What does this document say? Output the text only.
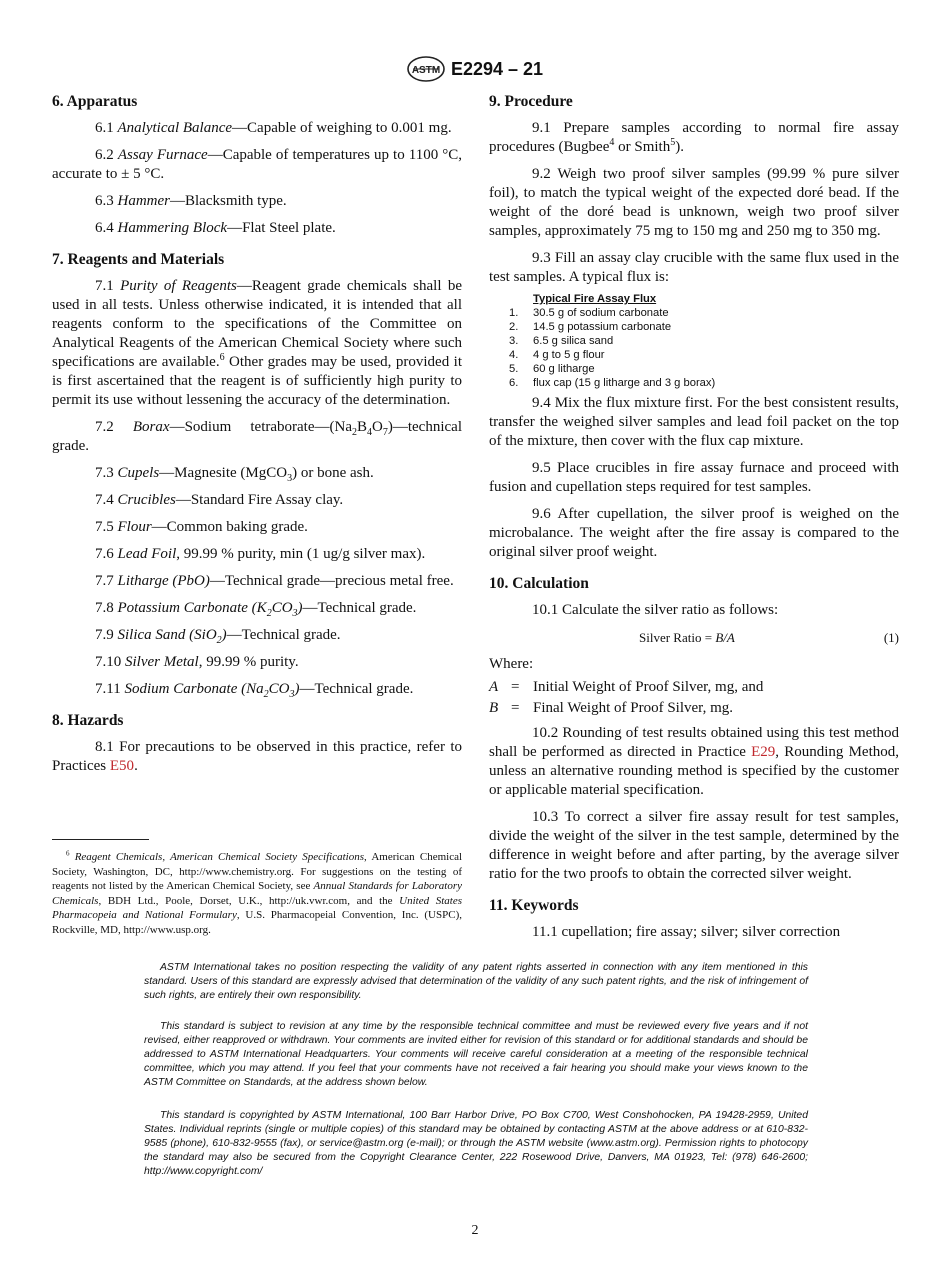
ASTM E2294 – 21
6. Apparatus

6.1 Analytical Balance—Capable of weighing to 0.001 mg.

6.2 Assay Furnace—Capable of temperatures up to 1100 °C, accurate to ± 5 °C.

6.3 Hammer—Blacksmith type.

6.4 Hammering Block—Flat Steel plate.

7. Reagents and Materials

7.1 Purity of Reagents—Reagent grade chemicals shall be used in all tests. Unless otherwise indicated, it is intended that all reagents conform to the specifications of the Committee on Analytical Reagents of the American Chemical Society where such specifications are available.$^6$ Other grades may be used, provided it is first ascertained that the reagent is of sufficiently high purity to permit its use without lessening the accuracy of the determination.

7.2 Borax—Sodium $tetraborate—(Na_2B_4O_7)—technical$ grade.

7.3 Cupels—Magnesite (MgCO$_3$) or bone ash.

7.4 Crucibles—Standard Fire Assay clay.

7.5 Flour—Common baking grade.

7.6 Lead Foil, 99.99 % purity, min (1 ug/g silver max).

7.7 Litharge (PbO)—Technical grade—precious metal free.

7.8 Potassium Carbonate $(K_2CO_3)—Technical$ grade.

7.9 Silica Sand (SiO$_2$)—Technical grade.

7.10 Silver Metal, 99.99 % purity.

7.11 Sodium Carbonate $(Na_2CO_3)—Technical$ grade.

8. Hazards

8.1 For precautions to be observed in this practice, refer to Practices E50.

$^6$ Reagent Chemicals, American Chemical Society Specifications, American Chemical Society, Washington, DC, http://www.chemistry.org. For suggestions on the testing of reagents not listed by the American Chemical Society, see Annual Standards for Laboratory Chemicals, BDH Ltd., Poole, Dorset, U.K., http://uk.vwr.com, and the United States Pharmacopeia and National Formulary, U.S. Pharmacopeial Convention, Inc. (USPC), Rockville, MD, http://www.usp.org.
9. Procedure

9.1 Prepare samples according to normal fire assay procedures (Bugbee$^4$ or Smith$^5$).

9.2 Weigh two proof silver samples (99.99 % pure silver foil), to match the typical weight of the expected doré bead. If the weight of the doré bead is unknown, weigh two proof silver samples, approximately 75 mg to 150 mg and 250 mg to 350 mg.

9.3 Fill an assay clay crucible with the same flux used in the test samples. A typical flux is:

Typical Fire Assay Flux
1.	30.5 g of sodium carbonate
2.	14.5 g potassium carbonate
3.	6.5 g silica sand
4.	4 g to 5 g flour
5.	60 g litharge
6.	flux cap (15 g litharge and 3 g borax)

9.4 Mix the flux mixture first. For the best consistent results, transfer the weighed silver samples and lead foil packet on the top of the mixture, then cover with the flux cap mixture.

9.5 Place crucibles in fire assay furnace and proceed with fusion and cupellation steps required for test samples.

9.6 After cupellation, the silver proof is weighed on the microbalance. The weight after the fire assay is compared to the original silver proof weight.

10. Calculation

10.1 Calculate the silver ratio as follows:

Silver Ratio = B/A	(1)
Where:
A = Initial Weight of Proof Silver, mg, and
B = Final Weight of Proof Silver, mg.

10.2 Rounding of test results obtained using this test method shall be performed as directed in Practice E29, Rounding Method, unless an alternative rounding method is specified by the customer or applicable material specification.

10.3 To correct a silver fire assay result for test samples, divide the weight of the silver in the test sample, determined by the difference in weight before and after parting, by the average silver ratio for the two proofs to obtain the corrected silver weight.

11. Keywords

11.1 cupellation; fire assay; silver; silver correction

ASTM International takes no position respecting the validity of any patent rights asserted in connection with any item mentioned in this standard. Users of this standard are expressly advised that determination of the validity of any such patent rights, and the risk of infringement of such rights, are entirely their own responsibility.

This standard is subject to revision at any time by the responsible technical committee and must be reviewed every five years and if not revised, either reapproved or withdrawn. Your comments are invited either for revision of this standard or for additional standards and should be addressed to ASTM International Headquarters. Your comments will receive careful consideration at a meeting of the responsible technical committee, which you may attend. If you feel that your comments have not received a fair hearing you should make your views known to the ASTM Committee on Standards, at the address shown below.

This standard is copyrighted by ASTM International, 100 Barr Harbor Drive, PO Box C700, West Conshohocken, PA 19428-2959, United States. Individual reprints (single or multiple copies) of this standard may be obtained by contacting ASTM at the above address or at 610-832-9585 (phone), 610-832-9555 (fax), or service@astm.org (e-mail); or through the ASTM website (www.astm.org). Permission rights to photocopy the standard may also be secured from the Copyright Clearance Center, 222 Rosewood Drive, Danvers, MA 01923, Tel: (978) 646-2600; http://www.copyright.com/

2
